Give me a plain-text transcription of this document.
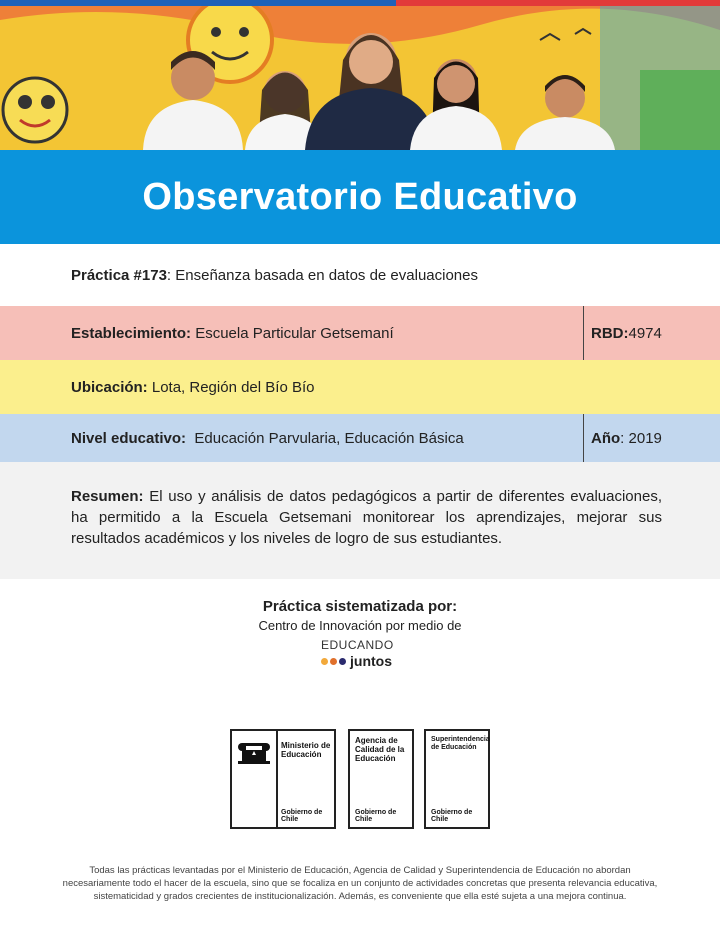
Observatorio Educativo
Práctica #173: Enseñanza basada en datos de evaluaciones
Establecimiento: Escuela Particular Getsemaní	RBD: 4974
Ubicación: Lota, Región del Bío Bío
Nivel educativo:  Educación Parvularia, Educación Básica	Año : 2019

Resumen: El uso y análisis de datos pedagógicos a partir de diferentes evaluaciones, ha permitido a la Escuela Getsemani monitorear los aprendizajes, mejorar sus resultados académicos y los niveles de logro de sus estudiantes.

Práctica sistematizada por:
Centro de Innovación por medio de
EDUCANDO
juntos
Ministerio de Educación
Gobierno de Chile
Agencia de Calidad de la Educación
Gobierno de Chile
Superintendencia de Educación
Gobierno de Chile
Todas las prácticas levantadas por el Ministerio de Educación, Agencia de Calidad y Superintendencia de Educación no abordan necesariamente todo el hacer de la escuela, sino que se focaliza en un conjunto de actividades concretas que presenta relevancia educativa, sistematicidad y grados crecientes de institucionalización. Además, es conveniente que ella esté sujeta a una mejora continua.
